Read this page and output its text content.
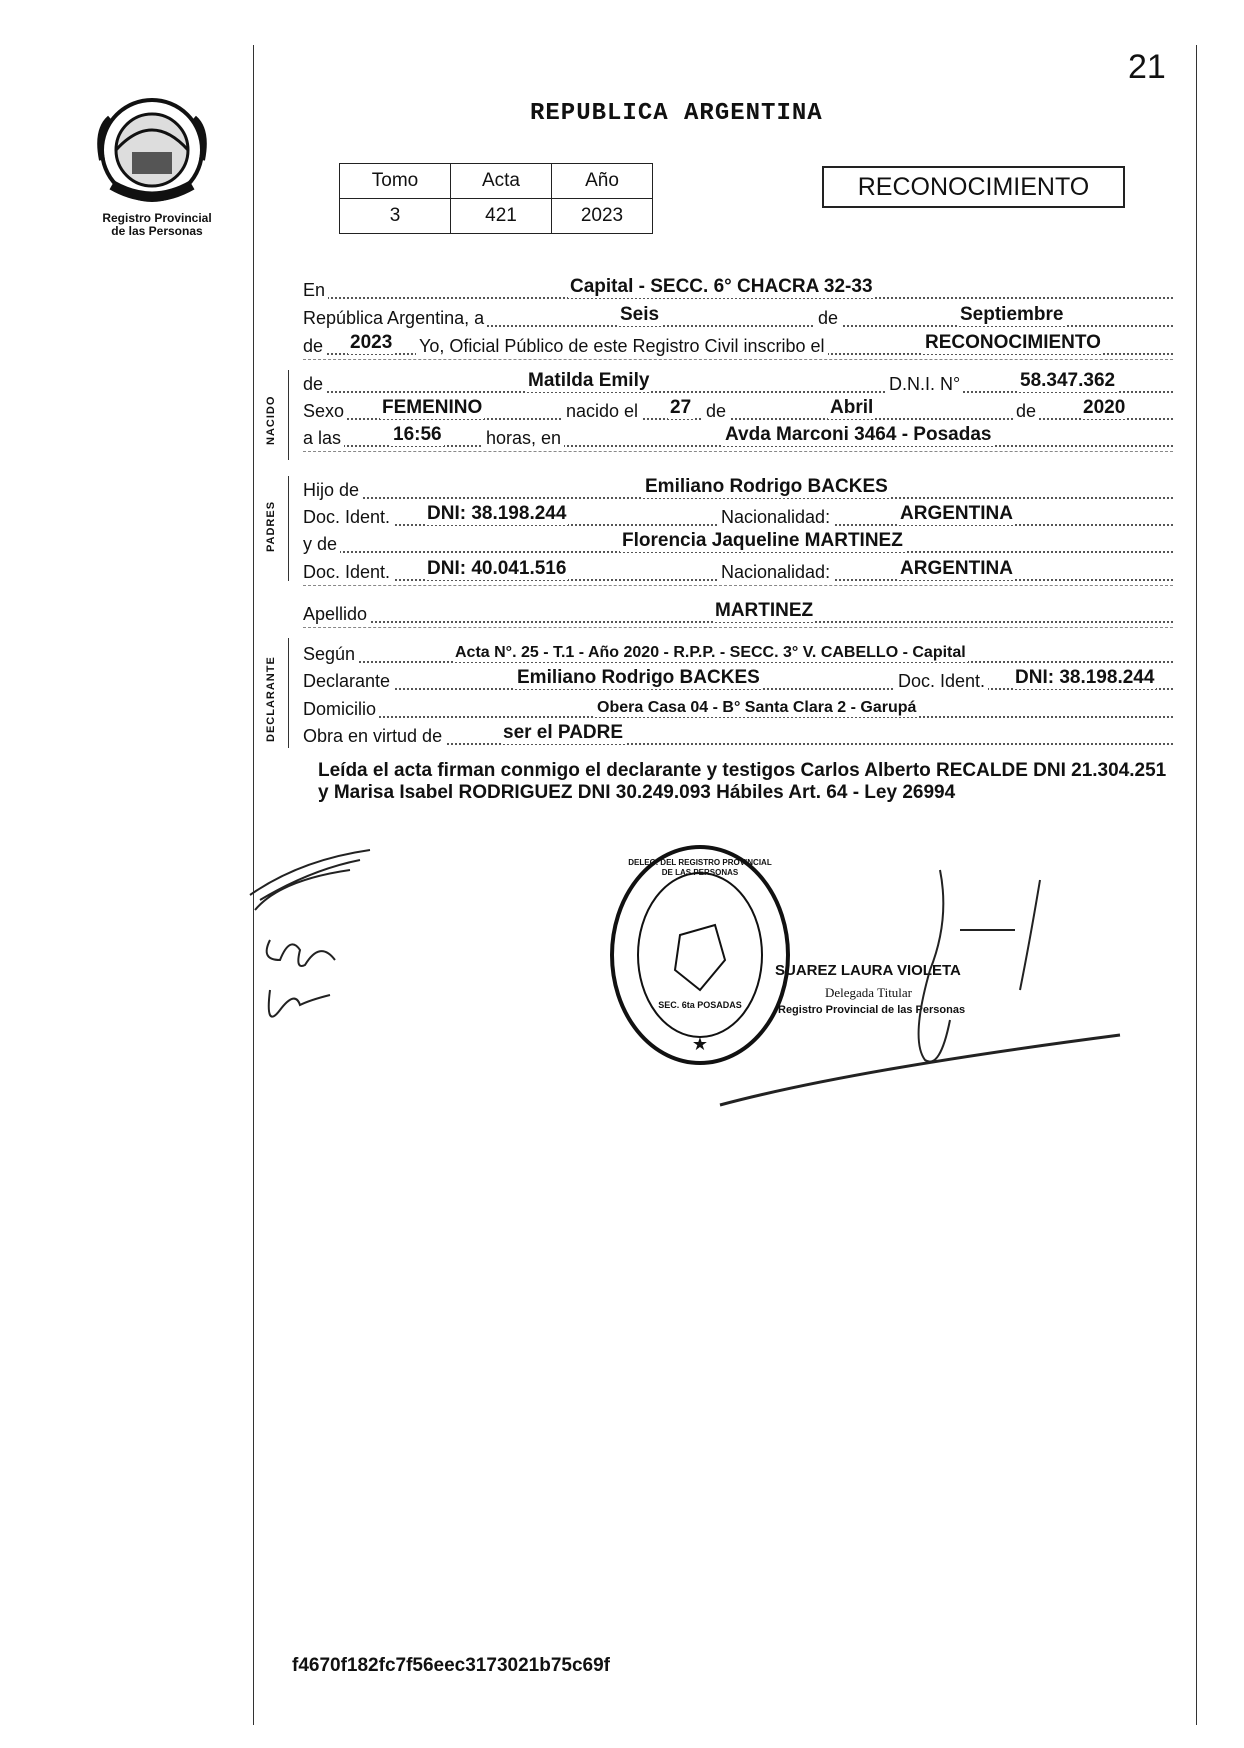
21
Registro Provincial
de las Personas
REPUBLICA ARGENTINA
Tomo	Acta	Año
3	421	2023
RECONOCIMIENTO
NACIDO
PADRES
DECLARANTE
En	Capital - SECC. 6° CHACRA 32-33
República Argentina, a	Seis	de	Septiembre
de 2023 Yo, Oficial Público de este Registro Civil inscribo el	RECONOCIMIENTO
de	Matilda Emily	D.N.I. N°	58.347.362
Sexo FEMENINO	nacido el 27 de	Abril	de 2020
a las	16:56 horas, en	Avda Marconi 3464 - Posadas
Hijo de	Emiliano Rodrigo BACKES
Doc. Ident. DNI: 38.198.244	Nacionalidad:	ARGENTINA
y de	Florencia Jaqueline MARTINEZ
Doc. Ident. DNI: 40.041.516	Nacionalidad:	ARGENTINA
Apellido	MARTINEZ
Según	Acta N°. 25 - T.1 - Año 2020 - R.P.P. - SECC. 3° V. CABELLO - Capital
Declarante	Emiliano Rodrigo BACKES	Doc. Ident. DNI: 38.198.244
Domicilio	Obera Casa 04 - B° Santa Clara 2 - Garupá
Obra en virtud de	ser el PADRE
Leída el acta firman conmigo el declarante y testigos Carlos Alberto RECALDE DNI 21.304.251 y Marisa Isabel RODRIGUEZ DNI 30.249.093 Hábiles Art. 64 - Ley 26994
★
DELEG. DEL REGISTRO PROVINCIAL DE LAS PERSONAS
SEC. 6ta POSADAS
SUAREZ LAURA VIOLETA
Delegada Titular
Registro Provincial de las Personas
f4670f182fc7f56eec3173021b75c69f
